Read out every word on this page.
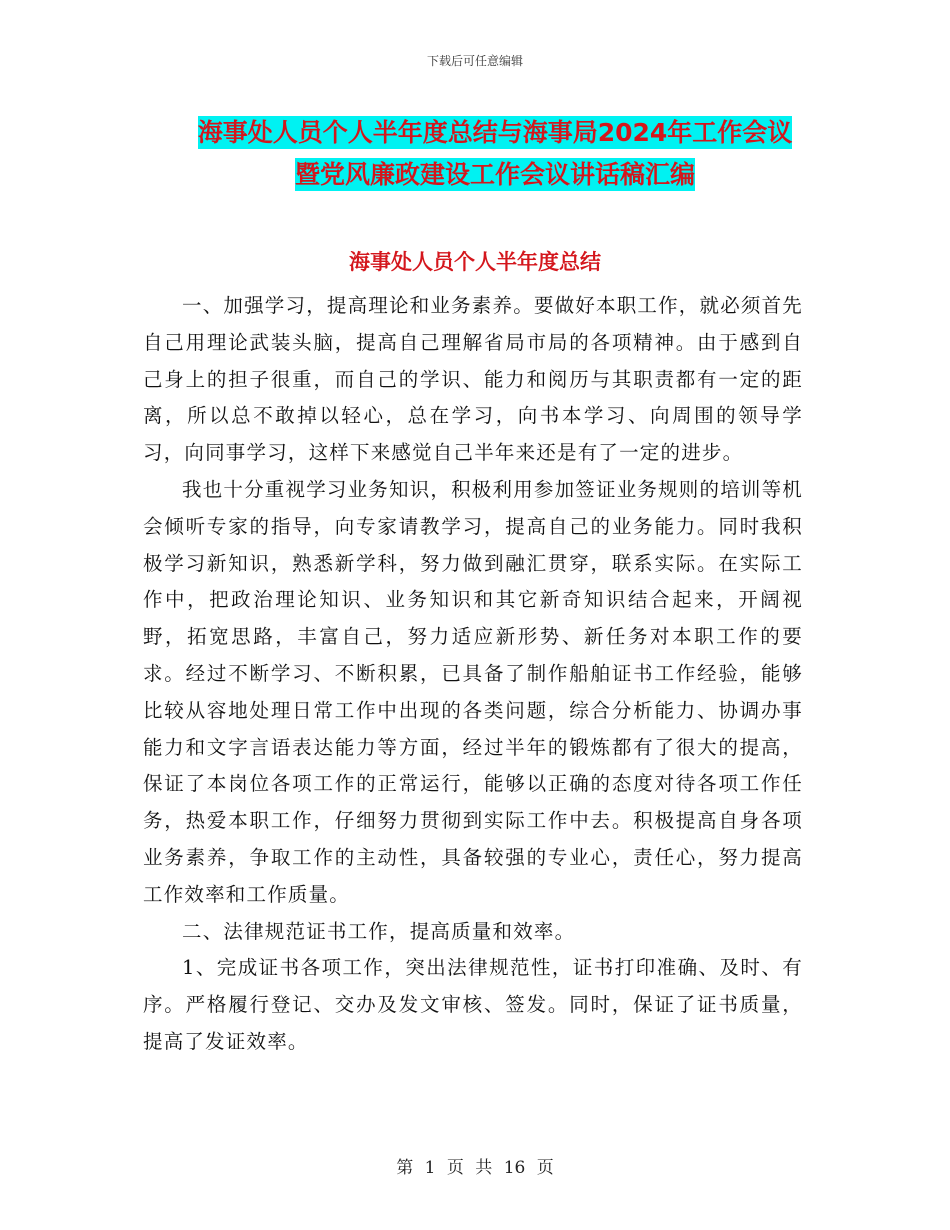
下载后可任意编辑
海事处人员个人半年度总结与海事局2024年工作会议
暨党风廉政建设工作会议讲话稿汇编
海事处人员个人半年度总结

一、加强学习，提高理论和业务素养。要做好本职工作，就必须首先自己用理论武装头脑，提高自己理解省局市局的各项精神。由于感到自己身上的担子很重，而自己的学识、能力和阅历与其职责都有一定的距离，所以总不敢掉以轻心，总在学习，向书本学习、向周围的领导学习，向同事学习，这样下来感觉自己半年来还是有了一定的进步。

我也十分重视学习业务知识，积极利用参加签证业务规则的培训等机会倾听专家的指导，向专家请教学习，提高自己的业务能力。同时我积极学习新知识，熟悉新学科，努力做到融汇贯穿，联系实际。在实际工作中，把政治理论知识、业务知识和其它新奇知识结合起来，开阔视野，拓宽思路，丰富自己，努力适应新形势、新任务对本职工作的要求。经过不断学习、不断积累，已具备了制作船舶证书工作经验，能够比较从容地处理日常工作中出现的各类问题，综合分析能力、协调办事能力和文字言语表达能力等方面，经过半年的锻炼都有了很大的提高，保证了本岗位各项工作的正常运行，能够以正确的态度对待各项工作任务，热爱本职工作，仔细努力贯彻到实际工作中去。积极提高自身各项业务素养，争取工作的主动性，具备较强的专业心，责任心，努力提高工作效率和工作质量。

二、法律规范证书工作，提高质量和效率。

1、完成证书各项工作，突出法律规范性，证书打印准确、及时、有序。严格履行登记、交办及发文审核、签发。同时，保证了证书质量，提高了发证效率。

第 1 页 共 16 页
